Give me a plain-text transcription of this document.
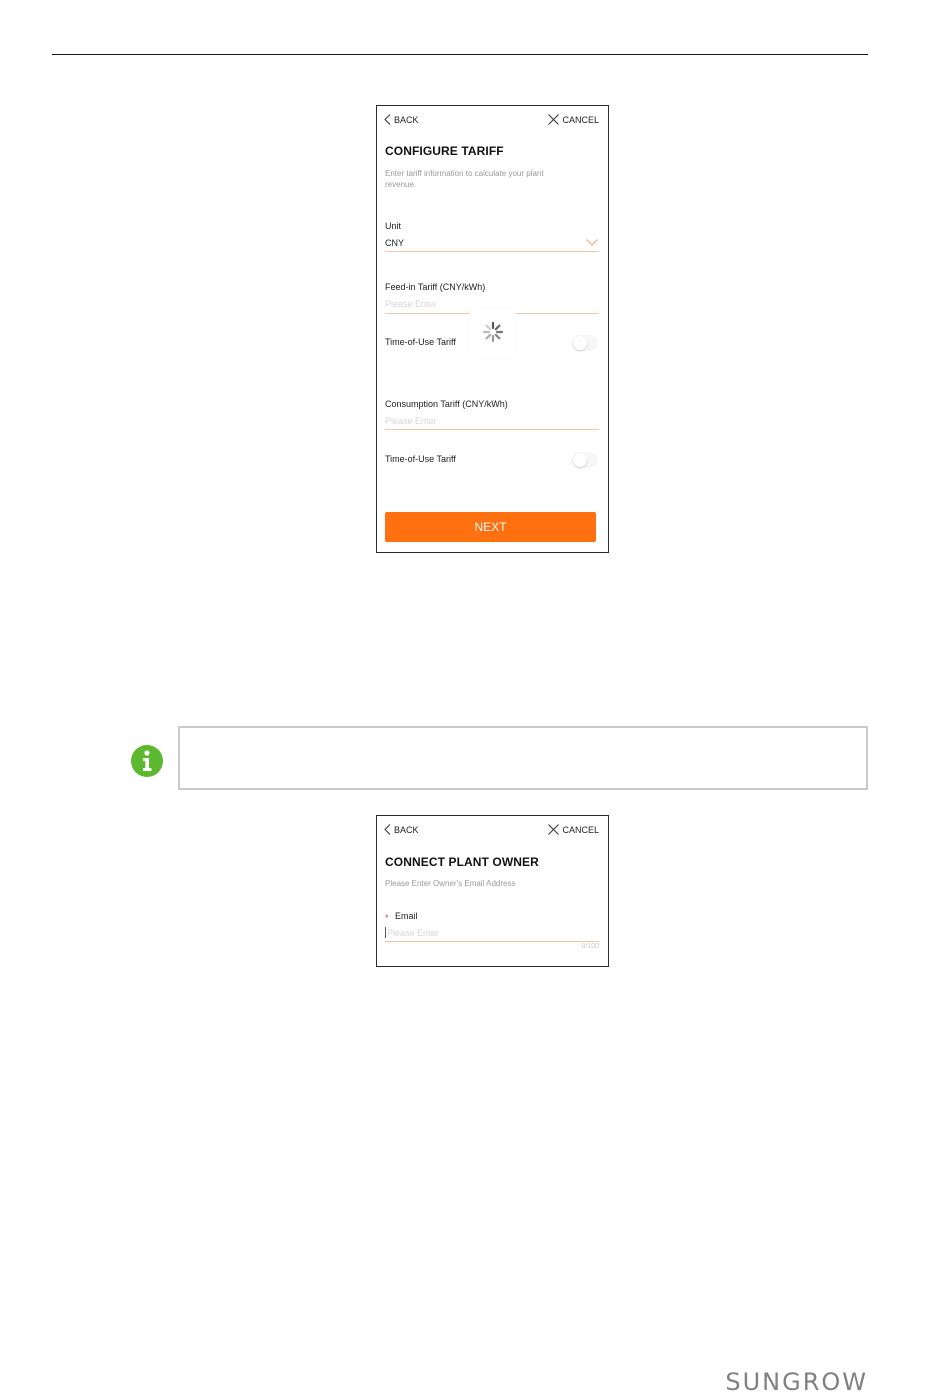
BACK	CANCEL
CONFIGURE TARIFF
Enter tariff information to calculate your plant revenue.
Unit
CNY
Feed-in Tariff (CNY/kWh)
Please Enter
Time-of-Use Tariff
Consumption Tariff (CNY/kWh)
Please Enter
Time-of-Use Tariff
NEXT
BACK	CANCEL
CONNECT PLANT OWNER
Please Enter Owner's Email Address
* Email
Please Enter
0/100
SUNGROW
